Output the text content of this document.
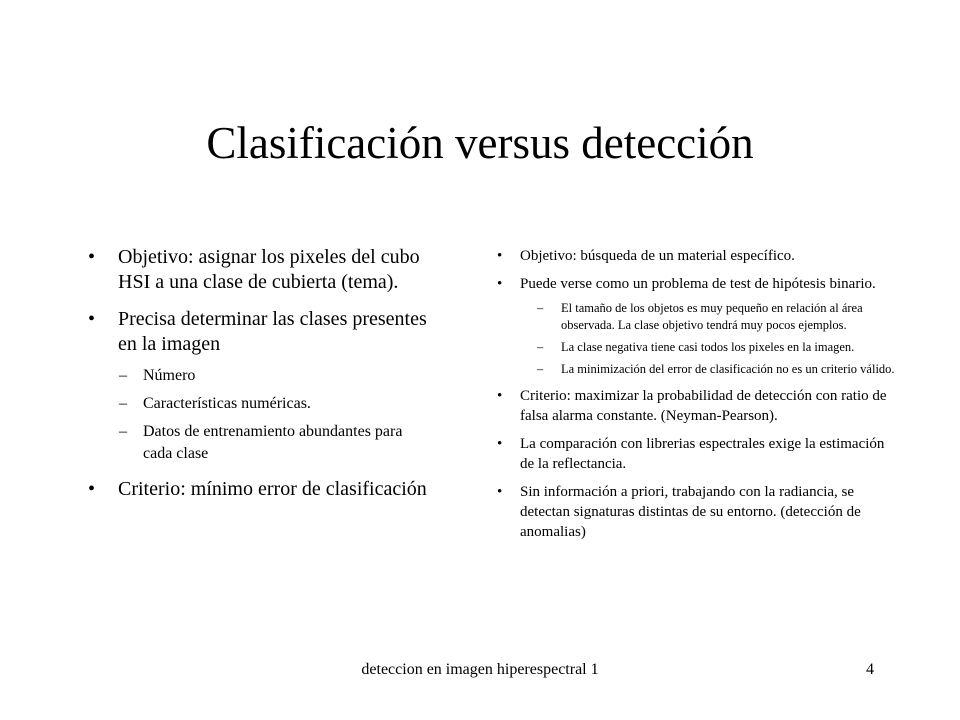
Clasificación versus detección
• Objetivo: asignar los pixeles del cubo HSI a una clase de cubierta (tema).
• Precisa determinar las clases presentes en la imagen
– Número
– Características numéricas.
– Datos de entrenamiento abundantes para cada clase
• Criterio: mínimo error de clasificación
• Objetivo: búsqueda de un material específico.
• Puede verse como un problema de test de hipótesis binario.
– El tamaño de los objetos es muy pequeño en relación al área observada. La clase objetivo tendrá muy pocos ejemplos.
– La clase negativa tiene casi todos los pixeles en la imagen.
– La minimización del error de clasificación no es un criterio válido.
• Criterio: maximizar la probabilidad de detección con ratio de falsa alarma constante. (Neyman-Pearson).
• La comparación con librerias espectrales exige la estimación de la reflectancia.
• Sin información a priori, trabajando con la radiancia, se detectan signaturas distintas de su entorno. (detección de anomalias)
deteccion en imagen hiperespectral 1	4
